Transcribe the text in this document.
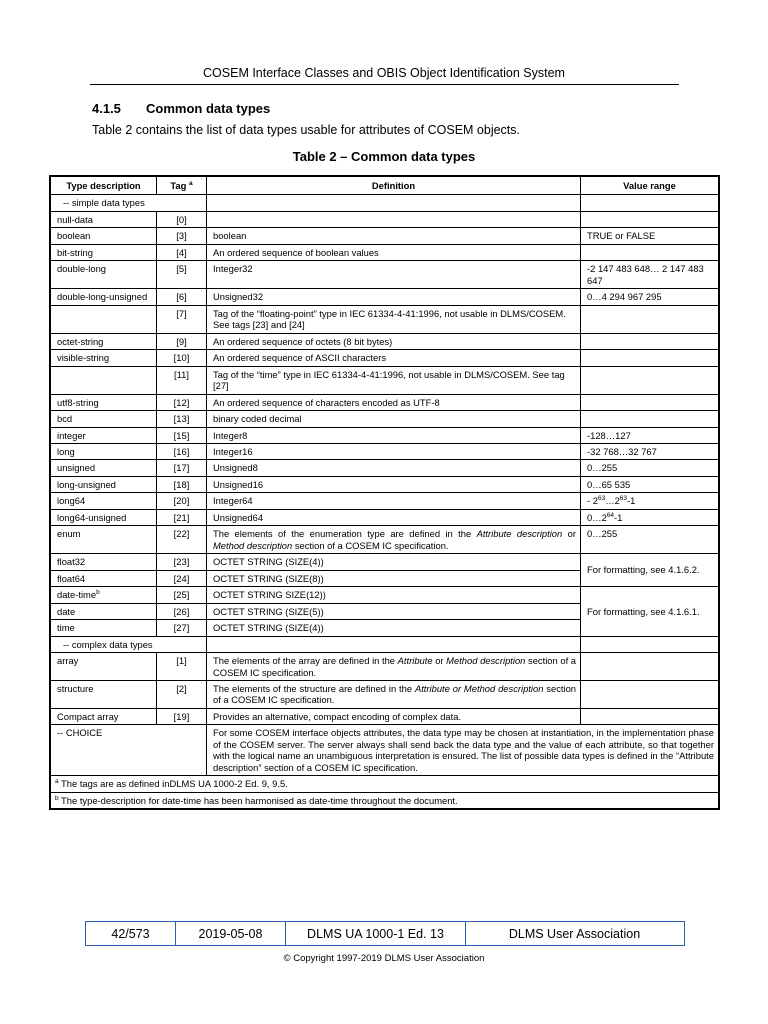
COSEM Interface Classes and OBIS Object Identification System
4.1.5 Common data types
Table 2 contains the list of data types usable for attributes of COSEM objects.
Table 2 – Common data types
Type description	Tag $^a$	Definition	Value range
-- simple data types			
null-data	[0]		
boolean	[3]	boolean	TRUE or FALSE
bit-string	[4]	An ordered sequence of boolean values	
double-long	[5]	Integer32	-2 147 483 648… 2 147 483 647
double-long-unsigned	[6]	Unsigned32	0…4 294 967 295
	[7]	Tag of the “floating-point” type in IEC 61334-4-41:1996, not usable in DLMS/COSEM. See tags [23] and [24]	
octet-string	[9]	An ordered sequence of octets (8 bit bytes)	
visible-string	[10]	An ordered sequence of ASCII characters	
	[11]	Tag of the “time” type in IEC 61334-4-41:1996, not usable in DLMS/COSEM. See tag [27]	
utf8-string	[12]	An ordered sequence of characters encoded as UTF-8	
bcd	[13]	binary coded decimal	
integer	[15]	Integer8	-128…127
long	[16]	Integer16	-32 768…32 767
unsigned	[17]	Unsigned8	0…255
long-unsigned	[18]	Unsigned16	0…65 535
long64	[20]	Integer64	- $2^{63}\dots 2^{63}-1$
long64-unsigned	[21]	Unsigned64	$0\dots 2^{64}-1$
enum	[22]	The elements of the enumeration type are defined in the Attribute description or Method description section of a COSEM IC specification.	0…255
float32	[23]	OCTET STRING (SIZE(4))	For formatting, see 4.1.6.2.
float64	[24]	OCTET STRING (SIZE(8))	
date-time$^b$	[25]	OCTET STRING SIZE(12))	For formatting, see 4.1.6.1.
date	[26]	OCTET STRING (SIZE(5))	
time	[27]	OCTET STRING (SIZE(4))	
-- complex data types			
array	[1]	The elements of the array are defined in the Attribute or Method description section of a COSEM IC specification.	
structure	[2]	The elements of the structure are defined in the Attribute or Method description section of a COSEM IC specification.	
Compact array	[19]	Provides an alternative, compact encoding of complex data.	
-- CHOICE		For some COSEM interface objects attributes, the data type may be chosen at instantiation, in the implementation phase of the COSEM server. The server always shall send back the data type and the value of each attribute, so that together with the logical name an unambiguous interpretation is ensured. The list of possible data types is defined in the “Attribute description” section of a COSEM IC specification.	
$^a$ The tags are as defined inDLMS UA 1000-2 Ed. 9, 9.5.			
$^b$ The type-description for date-time has been harmonised as date-time throughout the document.			
42/573	2019-05-08	DLMS UA 1000-1 Ed. 13	DLMS User Association
© Copyright 1997-2019 DLMS User Association
